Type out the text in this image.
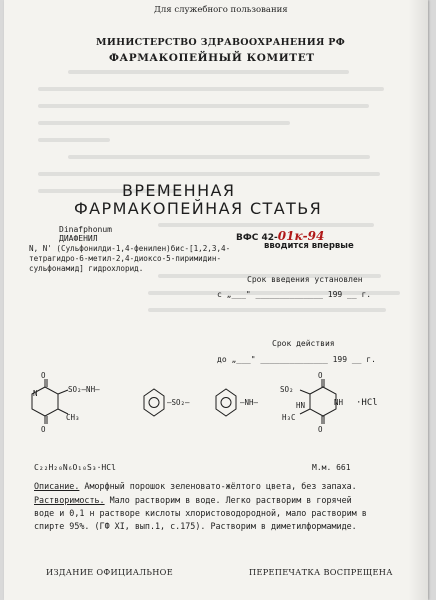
Для служебного пользования
МИНИСТЕРСТВО ЗДРАВООХРАНЕНИЯ РФ
ФАРМАКОПЕЙНЫЙ КОМИТЕТ
ВРЕМЕННАЯ
ФАРМАКОПЕЙНАЯ СТАТЬЯ
Dinafphonum
ДИАФЕНИЛ
N, N' (Сульфонилди-1,4-фенилен)бис-[1,2,3,4-
тетрагидро-6-метил-2,4-диоксо-5-пиримидин-
сульфонамид] гидрохлорид.
ВФС 42-01к-94
вводится впервые
Срок введения установлен
с „___" ______________ 199 __ г.
Срок действия
до „___" ______________ 199 __ г.
N
O
O
CH₃
SO₂–NH–
–SO₂–	–NH–
SO₂
O
O
NH
H₃C
HN	·HCl
C₂₂H₂₀N₆O₁₀S₃·HCl	М.м. 661
Описание. Аморфный порошок зеленовато-жёлтого цвета, без запаха.
Растворимость. Мало растворим в воде. Легко растворим в горячей
воде и 0,1 н растворе кислоты хлористоводородной, мало растворим в
спирте 95%. (ГФ XI, вып.1, с.175). Растворим в диметилформамиде.
ИЗДАНИЕ ОФИЦИАЛЬНОЕ	ПЕРЕПЕЧАТКА ВОСПРЕЩЕНА
